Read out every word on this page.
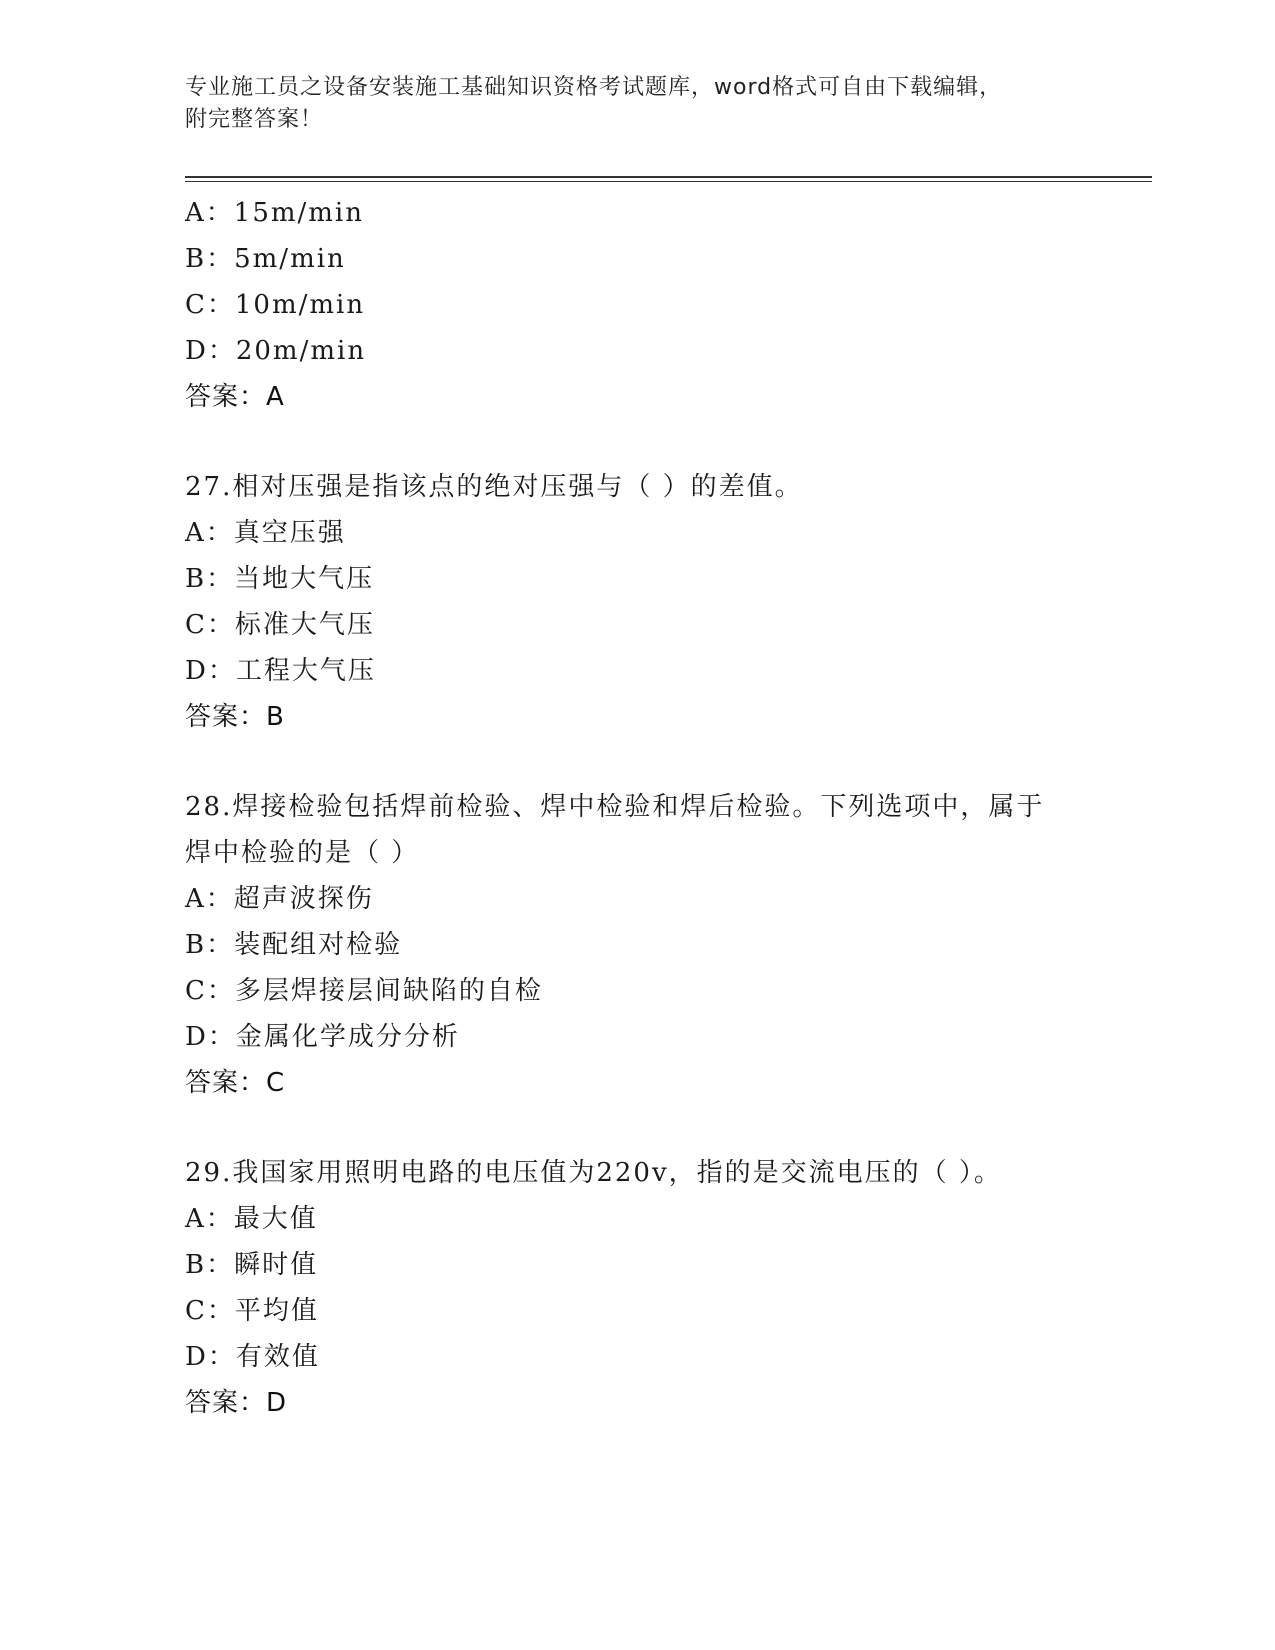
专业施工员之设备安装施工基础知识资格考试题库，word格式可自由下载编辑，
附完整答案！
A：15m/min
B：5m/min
C：10m/min
D：20m/min
答案：A
27.相对压强是指该点的绝对压强与（ ）的差值。
A：真空压强
B：当地大气压
C：标准大气压
D：工程大气压
答案：B
28.焊接检验包括焊前检验、焊中检验和焊后检验。下列选项中，属于
焊中检验的是（ ）
A：超声波探伤
B：装配组对检验
C：多层焊接层间缺陷的自检
D：金属化学成分分析
答案：C
29.我国家用照明电路的电压值为220v，指的是交流电压的（ ）。
A：最大值
B：瞬时值
C：平均值
D：有效值
答案：D
